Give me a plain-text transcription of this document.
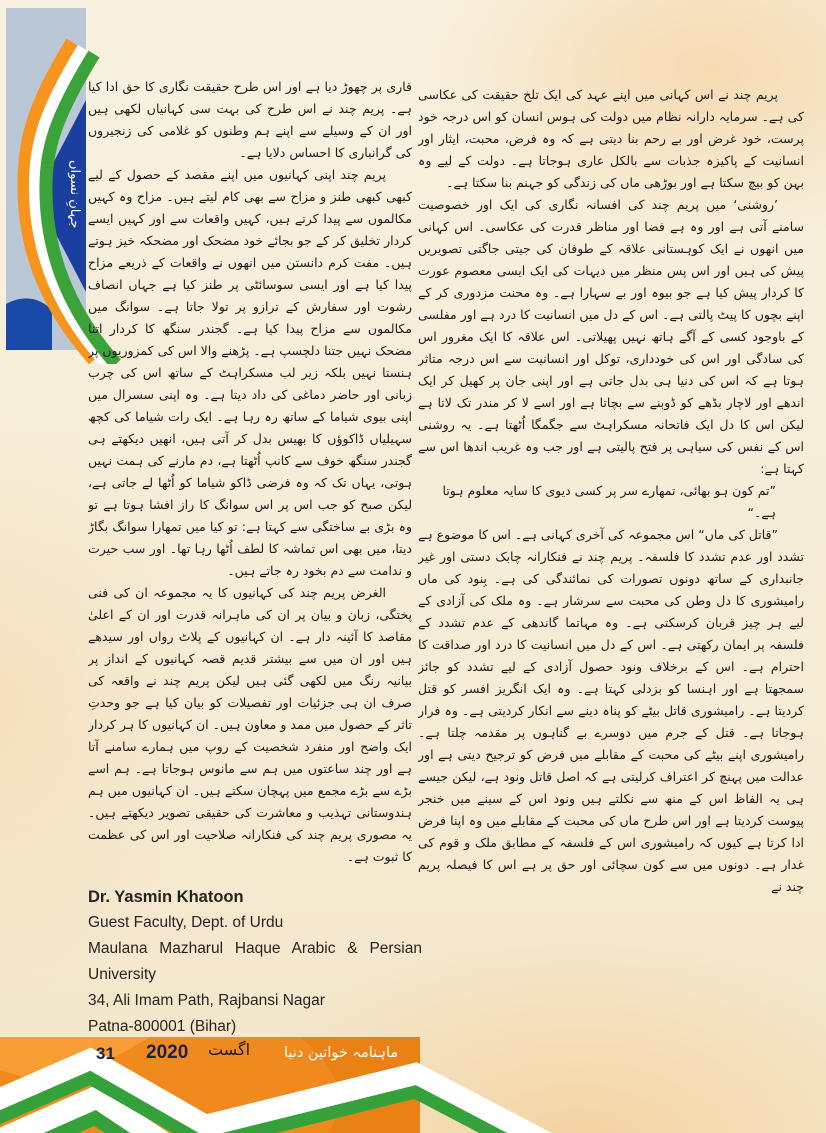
جہانِ نسواں

قاری پر چھوڑ دیا ہے اور اس طرح حقیقت نگاری کا حق ادا کیا ہے۔ پریم چند نے اس طرح کی بہت سی کہانیاں لکھی ہیں اور ان کے وسیلے سے اپنے ہم وطنوں کو غلامی کی زنجیروں کی گرانباری کا احساس دلایا ہے۔

پریم چند اپنی کہانیوں میں اپنے مقصد کے حصول کے لیے کبھی کبھی طنز و مزاح سے بھی کام لیتے ہیں۔ مزاح وہ کہیں مکالموں سے پیدا کرتے ہیں، کہیں واقعات سے اور کہیں ایسے کردار تخلیق کر کے جو بجائے خود مضحک اور مضحکہ خیز ہوتے ہیں۔ مفت کرم دانستن میں انھوں نے واقعات کے ذریعے مزاح پیدا کیا ہے اور ایسی سوسائٹی پر طنز کیا ہے جہاں انصاف رشوت اور سفارش کے ترازو پر تولا جاتا ہے۔ سوانگ میں مکالموں سے مزاح پیدا کیا ہے۔ گجندر سنگھ کا کردار اتنا مضحک نہیں جتنا دلچسپ ہے۔ پڑھنے والا اس کی کمزوریوں پر ہنستا نہیں بلکہ زیر لب مسکراہٹ کے ساتھ اس کی چرب زبانی اور حاضر دماغی کی داد دیتا ہے۔ وہ اپنی سسرال میں اپنی بیوی شیاما کے ساتھ رہ رہا ہے۔ ایک رات شیاما کی کچھ سہیلیاں ڈاکوؤں کا بھیس بدل کر آتی ہیں، انھیں دیکھتے ہی گجندر سنگھ خوف سے کانپ اُٹھتا ہے، دم مارنے کی ہمت نہیں ہوتی، یہاں تک کہ وہ فرضی ڈاکو شیاما کو اُٹھا لے جاتی ہے، لیکن صبح کو جب اس پر اس سوانگ کا راز افشا ہوتا ہے تو وہ بڑی بے ساختگی سے کہتا ہے: تو کیا میں تمھارا سوانگ بگاڑ دیتا، میں بھی اس تماشہ کا لطف اُٹھا رہا تھا۔ اور سب حیرت و ندامت سے دم بخود رہ جاتے ہیں۔

الغرض پریم چند کی کہانیوں کا یہ مجموعہ ان کی فنی پختگی، زبان و بیان پر ان کی ماہرانہ قدرت اور ان کے اعلیٰ مقاصد کا آئینہ دار ہے۔ ان کہانیوں کے پلاٹ رواں اور سیدھے ہیں اور ان میں سے بیشتر قدیم قصہ کہانیوں کے انداز پر بیانیہ رنگ میں لکھی گئی ہیں لیکن پریم چند نے واقعہ کی صرف ان ہی جزئیات اور تفصیلات کو بیان کیا ہے جو وحدتِ تاثر کے حصول میں ممد و معاون ہیں۔ ان کہانیوں کا ہر کردار ایک واضح اور منفرد شخصیت کے روپ میں ہمارے سامنے آتا ہے اور چند ساعتوں میں ہم سے مانوس ہوجاتا ہے۔ ہم اسے بڑے سے بڑے مجمع میں پہچان سکتے ہیں۔ ان کہانیوں میں ہم ہندوستانی تہذیب و معاشرت کی حقیقی تصویر دیکھتے ہیں۔ یہ مصوری پریم چند کی فنکارانہ صلاحیت اور اس کی عظمت کا ثبوت ہے۔

Dr. Yasmin Khatoon
Guest Faculty, Dept. of Urdu
Maulana Mazharul Haque Arabic & Persian University
34, Ali Imam Path, Rajbansi Nagar
Patna-800001 (Bihar)

پریم چند نے اس کہانی میں اپنے عہد کی ایک تلخ حقیقت کی عکاسی کی ہے۔ سرمایہ دارانہ نظام میں دولت کی ہوس انسان کو اس درجہ خود پرست، خود غرض اور بے رحم بنا دیتی ہے کہ وہ فرض، محبت، ایثار اور انسانیت کے پاکیزہ جذبات سے بالکل عاری ہوجاتا ہے۔ دولت کے لیے وہ بہن کو بیچ سکتا ہے اور بوڑھی ماں کی زندگی کو جہنم بنا سکتا ہے۔

’روشنی‘ میں پریم چند کی افسانہ نگاری کی ایک اور خصوصیت سامنے آتی ہے اور وہ ہے فضا اور مناظر قدرت کی عکاسی۔ اس کہانی میں انھوں نے ایک کوہستانی علاقہ کے طوفان کی جیتی جاگتی تصویریں پیش کی ہیں اور اس پس منظر میں دیہات کی ایک ایسی معصوم عورت کا کردار پیش کیا ہے جو بیوہ اور بے سہارا ہے۔ وہ محنت مزدوری کر کے اپنے بچوں کا پیٹ پالتی ہے۔ اس کے دل میں انسانیت کا درد ہے اور مفلسی کے باوجود کسی کے آگے ہاتھ نہیں پھیلاتی۔ اس علاقہ کا ایک مغرور اس کی سادگی اور اس کی خودداری، توکل اور انسانیت سے اس درجہ متاثر ہوتا ہے کہ اس کی دنیا ہی بدل جاتی ہے اور اپنی جان پر کھیل کر ایک اندھے اور لاچار بڈھے کو ڈوبنے سے بچاتا ہے اور اسے لا کر مندر تک لاتا ہے لیکن اس کا دل ایک فاتحانہ مسکراہٹ سے جگمگا اُٹھتا ہے۔ یہ روشنی اس کے نفس کی سیاہی پر فتح پالیتی ہے اور جب وہ غریب اندھا اس سے کہتا ہے:

”تم کون ہو بھائی، تمھارے سر پر کسی دیوی کا سایہ معلوم ہوتا ہے۔“

”قاتل کی ماں“ اس مجموعہ کی آخری کہانی ہے۔ اس کا موضوع ہے تشدد اور عدم تشدد کا فلسفہ۔ پریم چند نے فنکارانہ چابک دستی اور غیر جانبداری کے ساتھ دونوں تصورات کی نمائندگی کی ہے۔ بِنود کی ماں رامیشوری کا دل وطن کی محبت سے سرشار ہے۔ وہ ملک کی آزادی کے لیے ہر چیز قربان کرسکتی ہے۔ وہ مہاتما گاندھی کے عدم تشدد کے فلسفہ پر ایمان رکھتی ہے۔ اس کے دل میں انسانیت کا درد اور صداقت کا احترام ہے۔ اس کے برخلاف ونود حصول آزادی کے لیے تشدد کو جائز سمجھتا ہے اور اہنسا کو بزدلی کہتا ہے۔ وہ ایک انگریز افسر کو قتل کردیتا ہے۔ رامیشوری قاتل بیٹے کو پناہ دینے سے انکار کردیتی ہے۔ وہ فرار ہوجاتا ہے۔ قتل کے جرم میں دوسرے بے گناہوں پر مقدمہ چلتا ہے۔ رامیشوری اپنے بیٹے کی محبت کے مقابلے میں فرض کو ترجیح دیتی ہے اور عدالت میں پہنچ کر اعتراف کرلیتی ہے کہ اصل قاتل ونود ہے، لیکن جیسے ہی یہ الفاظ اس کے منھ سے نکلتے ہیں ونود اس کے سینے میں خنجر پیوست کردیتا ہے اور اس طرح ماں کی محبت کے مقابلے میں وہ اپنا فرض ادا کرتا ہے کیوں کہ رامیشوری اس کے فلسفہ کے مطابق ملک و قوم کی غدار ہے۔ دونوں میں سے کون سچائی اور حق پر ہے اس کا فیصلہ پریم چند نے

31 2020 اگست ماہنامہ خواتین دنیا
